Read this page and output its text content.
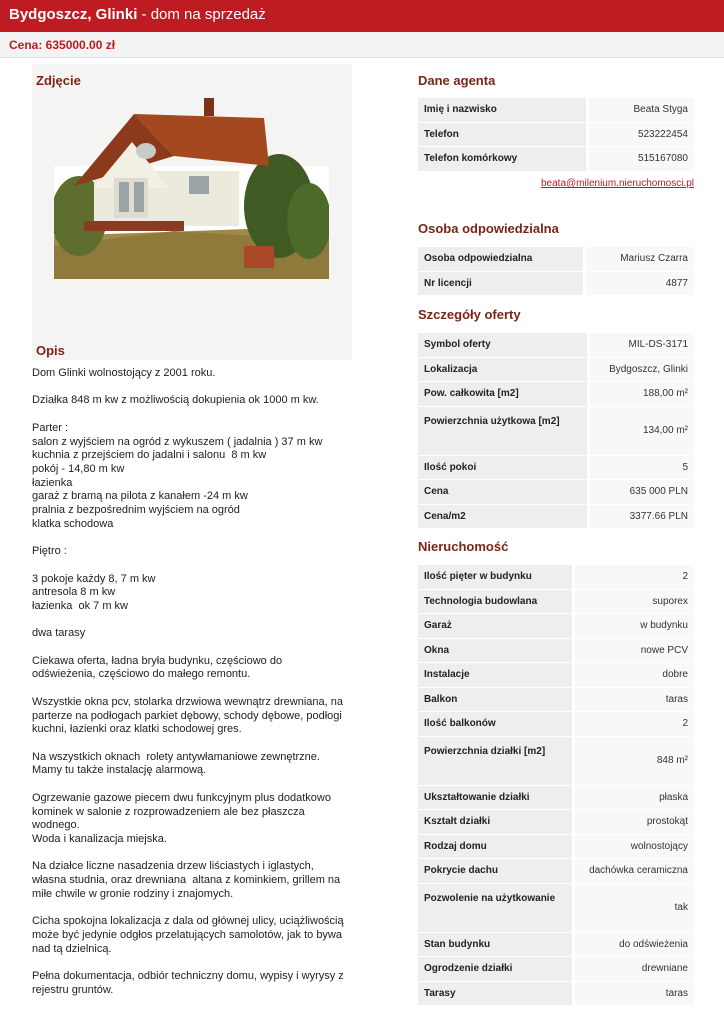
Bydgoszcz, Glinki - dom na sprzedaż
Cena: 635000.00 zł
Zdjęcie
Opis
Dom Glinki wolnostojący z 2001 roku.

Działka 848 m kw z możliwością dokupienia ok 1000 m kw.

Parter :
salon z wyjściem na ogród z wykuszem ( jadalnia ) 37 m kw
kuchnia z przejściem do jadalni i salonu  8 m kw
pokój - 14,80 m kw
łazienka
garaż z bramą na pilota z kanałem -24 m kw
pralnia z bezpośrednim wyjściem na ogród
klatka schodowa

Piętro :

3 pokoje każdy 8, 7 m kw
antresola 8 m kw
łazienka  ok 7 m kw

dwa tarasy

Ciekawa oferta, ładna bryła budynku, częściowo do
odświeżenia, częściowo do małego remontu.

Wszystkie okna pcv, stolarka drzwiowa wewnątrz drewniana, na
parterze na podłogach parkiet dębowy, schody dębowe, podłogi
kuchni, łazienki oraz klatki schodowej gres.

Na wszystkich oknach  rolety antywłamaniowe zewnętrzne.
Mamy tu także instalację alarmową.

Ogrzewanie gazowe piecem dwu funkcyjnym plus dodatkowo
kominek w salonie z rozprowadzeniem ale bez płaszcza
wodnego.
Woda i kanalizacja miejska.

Na działce liczne nasadzenia drzew liściastych i iglastych,
własna studnia, oraz drewniana  altana z kominkiem, grillem na
miłe chwile w gronie rodziny i znajomych.

Cicha spokojna lokalizacja z dala od głównej ulicy, uciążliwością
może być jedynie odgłos przelatujących samolotów, jak to bywa
nad tą dzielnicą.

Pełna dokumentacja, odbiór techniczny domu, wypisy i wyrysy z
rejestru gruntów.
Dane agenta
Imię i nazwisko	Beata Styga
Telefon	523222454
Telefon komórkowy	515167080
beata@milenium.nieruchomosci.pl
Osoba odpowiedzialna
Osoba odpowiedzialna	Mariusz Czarra
Nr licencji	4877
Szczegóły oferty
Symbol oferty	MIL-DS-3171
Lokalizacja	Bydgoszcz, Glinki
Pow. całkowita [m2]	188,00 m²
Powierzchnia użytkowa [m2]	134,00 m²
Ilość pokoi	5
Cena	635 000 PLN
Cena/m2	3377.66 PLN
Nieruchomość
Ilość pięter w budynku	2
Technologia budowlana	suporex
Garaż	w budynku
Okna	nowe PCV
Instalacje	dobre
Balkon	taras
Ilość balkonów	2
Powierzchnia działki [m2]	848 m²
Ukształtowanie działki	płaska
Kształt działki	prostokąt
Rodzaj domu	wolnostojący
Pokrycie dachu	dachówka ceramiczna
Pozwolenie na użytkowanie	tak
Stan budynku	do odświeżenia
Ogrodzenie działki	drewniane
Tarasy	taras
